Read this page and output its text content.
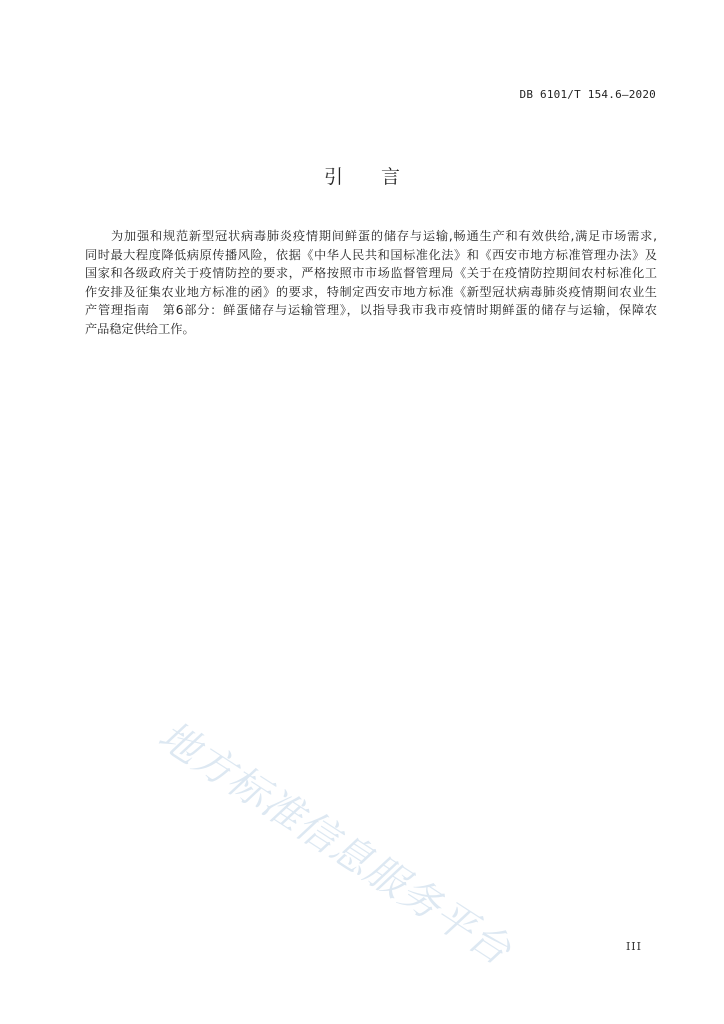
DB 6101/T 154.6—2020
引 言
为加强和规范新型冠状病毒肺炎疫情期间鲜蛋的储存与运输,畅通生产和有效供给,满足市场需求,
同时最大程度降低病原传播风险，依据《中华人民共和国标准化法》和《西安市地方标准管理办法》及
国家和各级政府关于疫情防控的要求，严格按照市市场监督管理局《关于在疫情防控期间农村标准化工
作安排及征集农业地方标准的函》的要求，特制定西安市地方标准《新型冠状病毒肺炎疫情期间农业生
产管理指南　第6部分：鲜蛋储存与运输管理》，以指导我市我市疫情时期鲜蛋的储存与运输，保障农
产品稳定供给工作。
地方标准信息服务平台	III
